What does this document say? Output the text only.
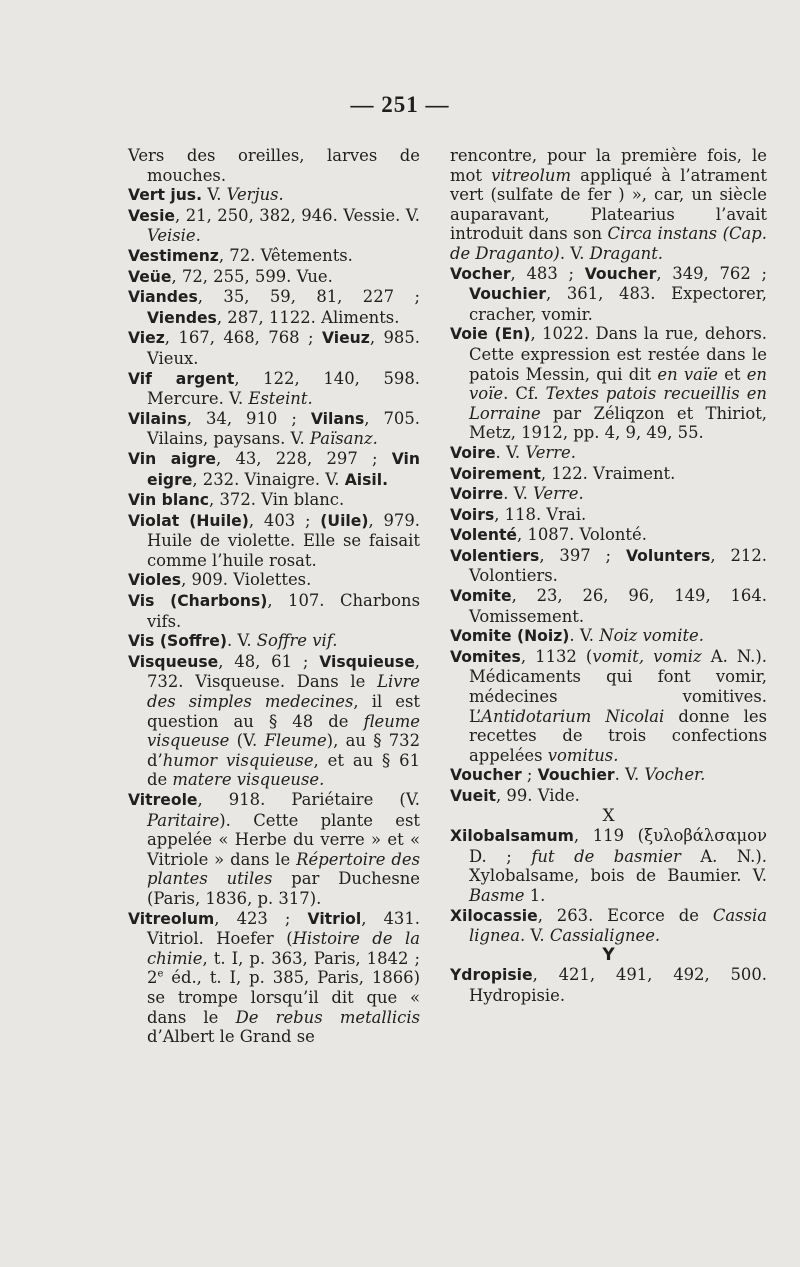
— 251 —

Vers des oreilles, larves de mouches.

Vert jus. V. Verjus.

Vesie, 21, 250, 382, 946. Vessie. V. Veisie.

Vestimenz, 72. Vêtements.

Veüe, 72, 255, 599. Vue.

Viandes, 35, 59, 81, 227 ; Viendes, 287, 1122. Aliments.

Viez, 167, 468, 768 ; Vieuz, 985. Vieux.

Vif argent, 122, 140, 598. Mercure. V. Esteint.

Vilains, 34, 910 ; Vilans, 705. Vilains, paysans. V. Païsanz.

Vin aigre, 43, 228, 297 ; Vin eigre, 232. Vinaigre. V. Aisil.

Vin blanc, 372. Vin blanc.

Violat (Huile), 403 ; (Uile), 979. Huile de violette. Elle se faisait comme l’huile rosat.

Violes, 909. Violettes.

Vis (Charbons), 107. Charbons vifs.

Vis (Soffre). V. Soffre vif.

Visqueuse, 48, 61 ; Visquieuse, 732. Visqueuse. Dans le Livre des simples medecines, il est question au § 48 de fleume visqueuse (V. Fleume), au § 732 d’humor visquieuse, et au § 61 de matere visqueuse.

Vitreole, 918. Pariétaire (V. Paritaire). Cette plante est appelée « Herbe du verre » et « Vitriole » dans le Répertoire des plantes utiles par Duchesne (Paris, 1836, p. 317).

Vitreolum, 423 ; Vitriol, 431. Vitriol. Hoefer (Histoire de la chimie, t. I, p. 363, Paris, 1842 ; 2e éd., t. I, p. 385, Paris, 1866) se trompe lorsqu’il dit que « dans le De rebus metallicis d’Albert le Grand se

rencontre, pour la première fois, le mot vitreolum appliqué à l’atrament vert (sulfate de fer ) », car, un siècle auparavant, Platearius l’avait introduit dans son Circa instans (Cap. de Draganto). V. Dragant.

Vocher, 483 ; Voucher, 349, 762 ; Vouchier, 361, 483. Expectorer, cracher, vomir.

Voie (En), 1022. Dans la rue, dehors. Cette expression est restée dans le patois Messin, qui dit en vaïe et en voïe. Cf. Textes patois recueillis en Lorraine par Zéliqzon et Thiriot, Metz, 1912, pp. 4, 9, 49, 55.

Voire. V. Verre.

Voirement, 122. Vraiment.

Voirre. V. Verre.

Voirs, 118. Vrai.

Volenté, 1087. Volonté.

Volentiers, 397 ; Volunters, 212. Volontiers.

Vomite, 23, 26, 96, 149, 164. Vomissement.

Vomite (Noiz). V. Noiz vomite.

Vomites, 1132 (vomit, vomiz A. N.). Médicaments qui font vomir, médecines vomitives. L’Antidotarium Nicolai donne les recettes de trois confections appelées vomitus.

Voucher ; Vouchier. V. Vocher.

Vueit, 99. Vide.

X

Xilobalsamum, 119 (ξυλοβάλσαμον D. ; fut de basmier A. N.). Xylobalsame, bois de Baumier. V. Basme 1.

Xilocassie, 263. Ecorce de Cassia lignea. V. Cassialignee.

Y

Ydropisie, 421, 491, 492, 500. Hydropisie.
